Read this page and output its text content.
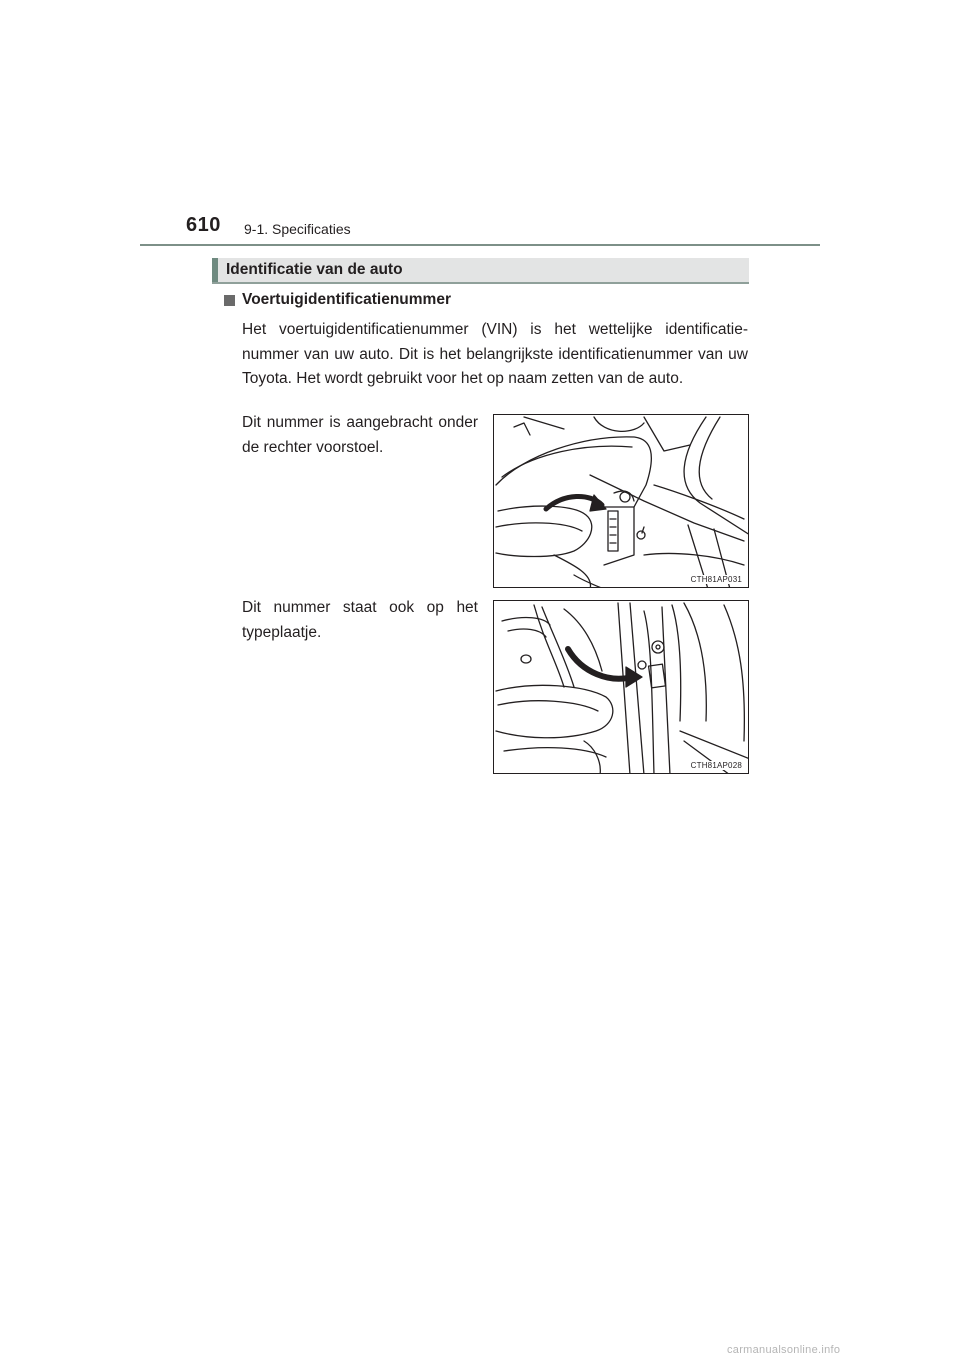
610 9-1. Specificaties
Identificatie van de auto
Voertuigidentificatienummer

Het voertuigidentificatienummer (VIN) is het wettelijke identificatie-nummer van uw auto. Dit is het belangrijkste identificatienummer van uw Toyota. Het wordt gebruikt voor het op naam zetten van de auto.

Dit nummer is aangebracht onder de rechter voorstoel.

CTH81AP031

Dit nummer staat ook op het typeplaatje.

CTH81AP028
carmanualsonline.info
